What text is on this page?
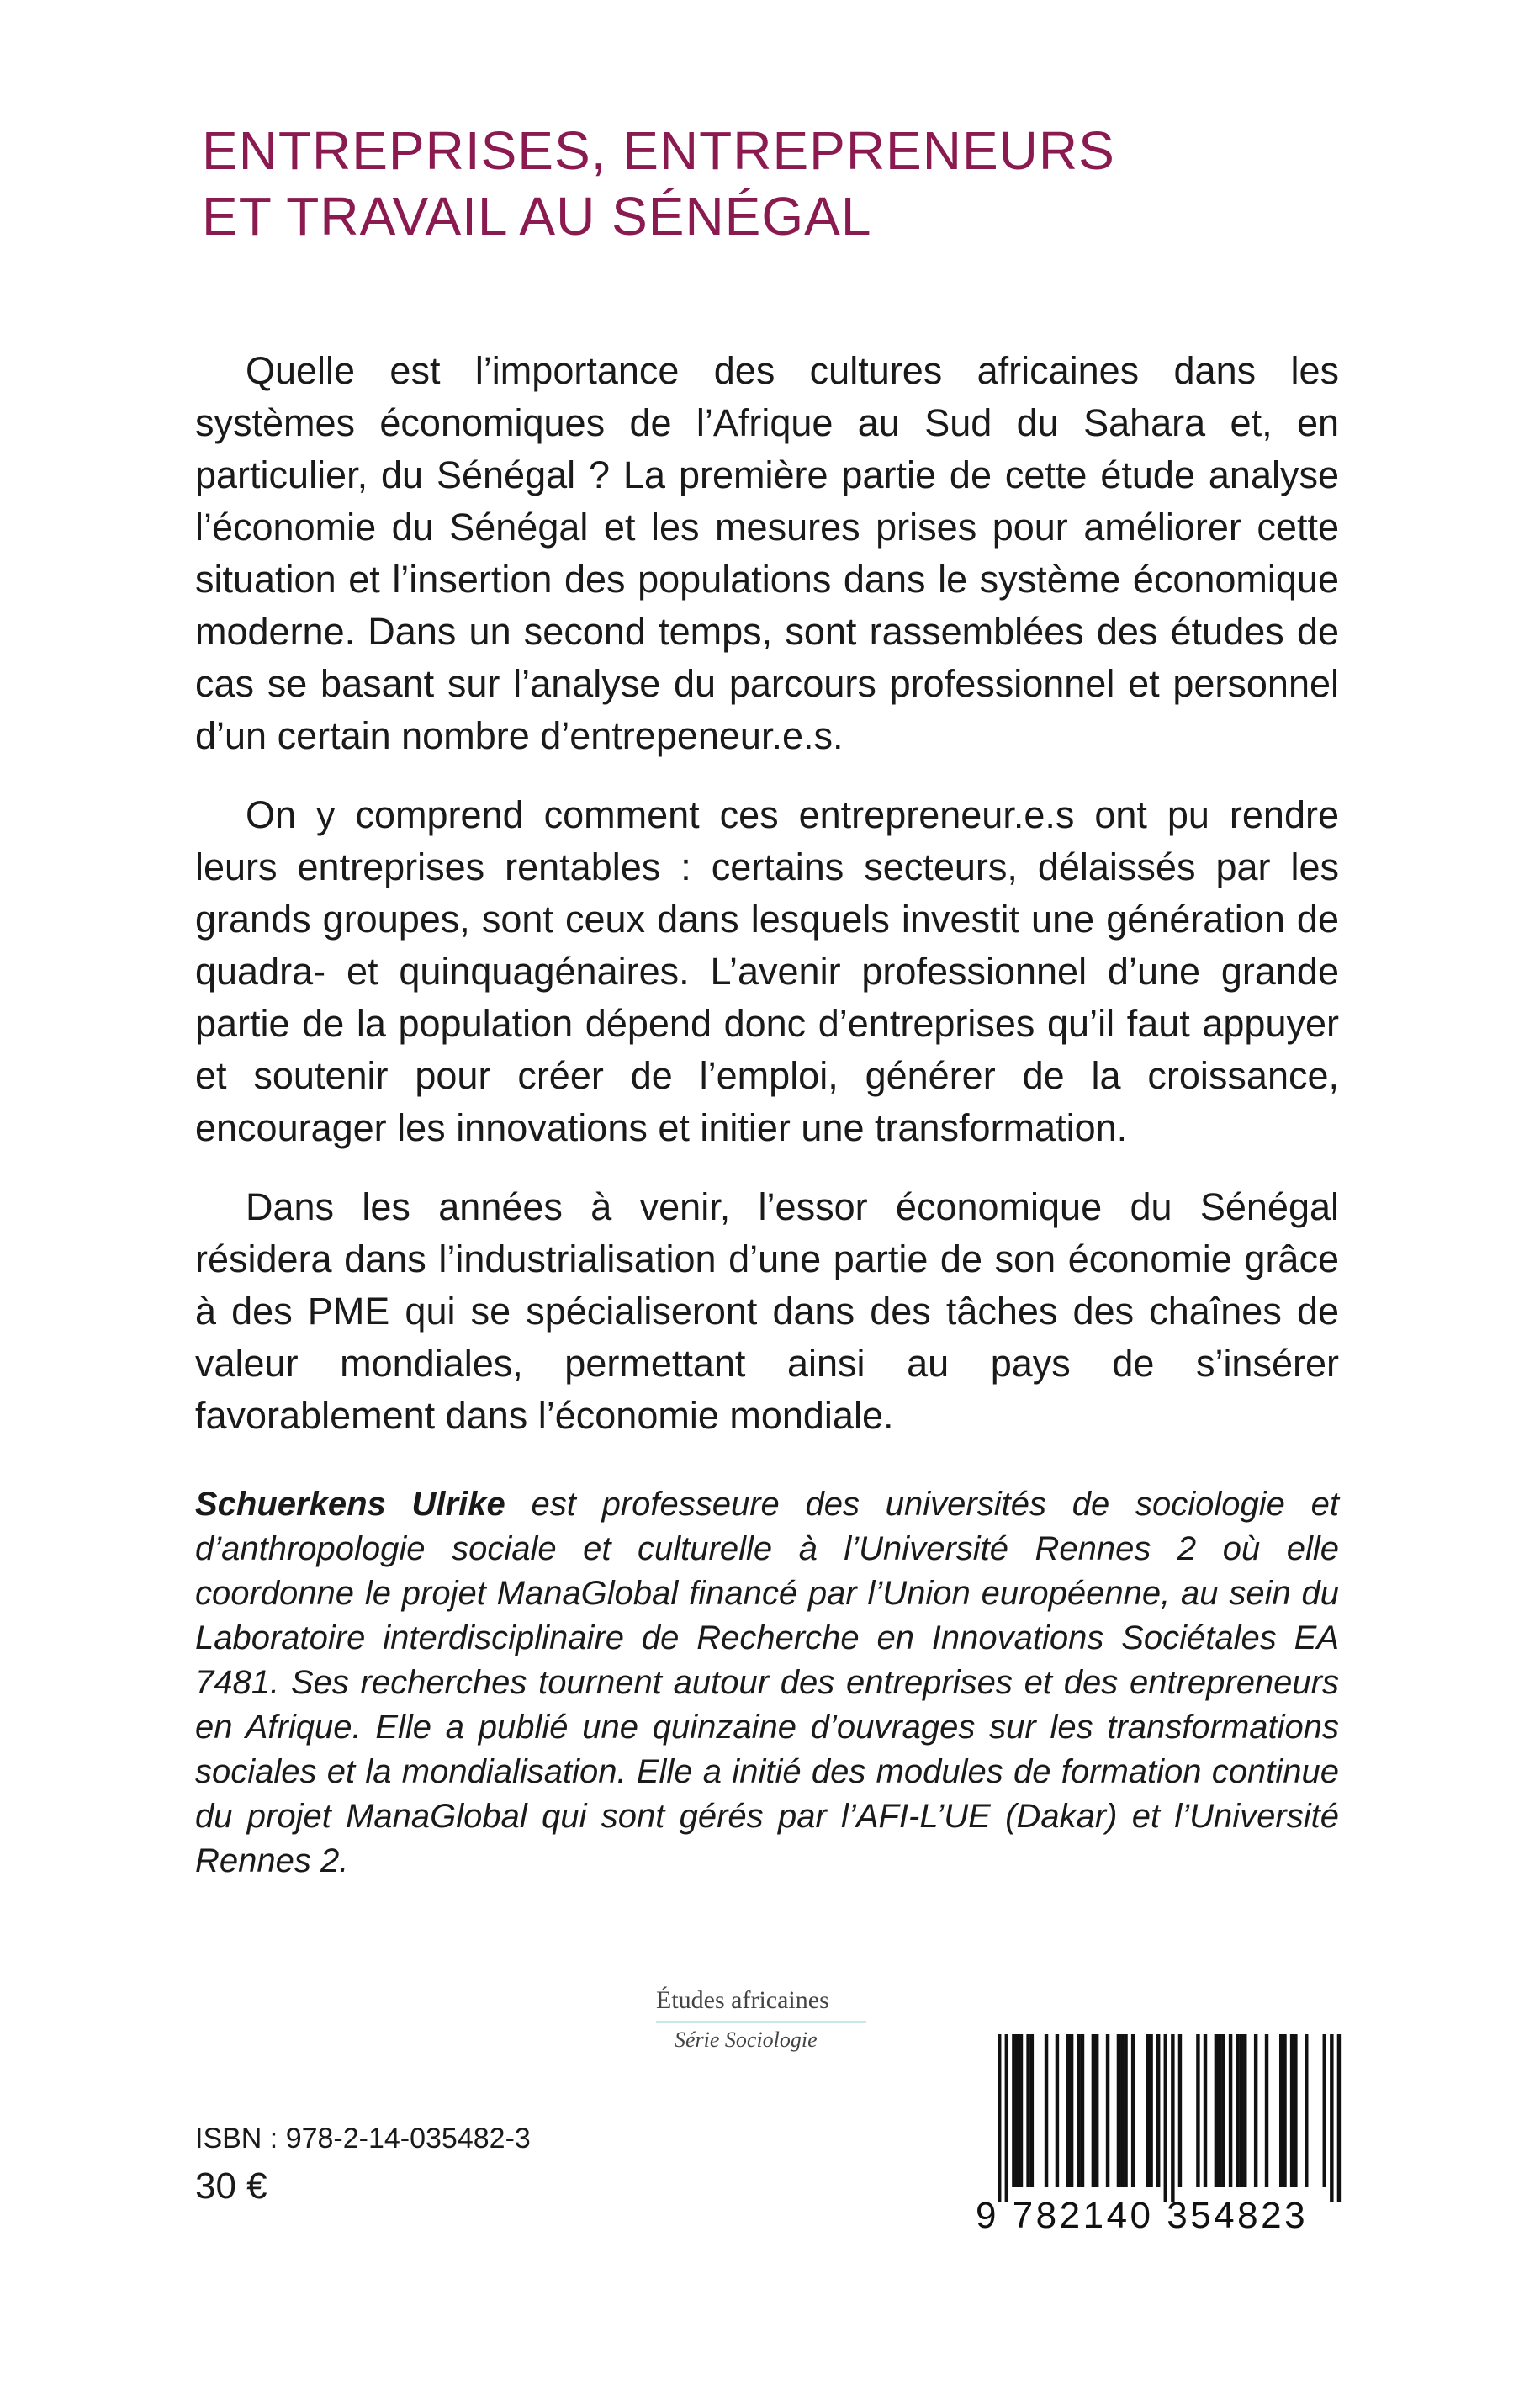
ENTREPRISES, ENTREPRENEURS
ET TRAVAIL AU SÉNÉGAL

Quelle est l’importance des cultures africaines dans les systèmes économiques de l’Afrique au Sud du Sahara et, en particulier, du Sénégal ? La première partie de cette étude analyse l’économie du Sénégal et les mesures prises pour améliorer cette situation et l’insertion des populations dans le système économique moderne. Dans un second temps, sont rassemblées des études de cas se basant sur l’analyse du parcours professionnel et personnel d’un certain nombre d’entrepeneur.e.s.

On y comprend comment ces entrepreneur.e.s ont pu rendre leurs entreprises rentables : certains secteurs, délaissés par les grands groupes, sont ceux dans lesquels investit une génération de quadra- et quinquagénaires. L’avenir professionnel d’une grande partie de la population dépend donc d’entreprises qu’il faut appuyer et soutenir pour créer de l’emploi, générer de la croissance, encourager les innovations et initier une transformation.

Dans les années à venir, l’essor économique du Sénégal résidera dans l’industrialisation d’une partie de son économie grâce à des PME qui se spécialiseront dans des tâches des chaînes de valeur mondiales, permettant ainsi au pays de s’insérer favorablement dans l’économie mondiale.

Schuerkens Ulrike est professeure des universités de sociologie et d’anthropologie sociale et culturelle à l’Université Rennes 2 où elle coordonne le projet ManaGlobal financé par l’Union européenne, au sein du Laboratoire interdisciplinaire de Recherche en Innovations Sociétales EA 7481. Ses recherches tournent autour des entreprises et des entrepreneurs en Afrique. Elle a publié une quinzaine d’ouvrages sur les transformations sociales et la mondialisation. Elle a initié des modules de formation continue du projet ManaGlobal qui sont gérés par l’AFI-L’UE (Dakar) et l’Université Rennes 2.

Études africaines
Série Sociologie
ISBN : 978-2-14-035482-3
30 €
9 782140 354823
